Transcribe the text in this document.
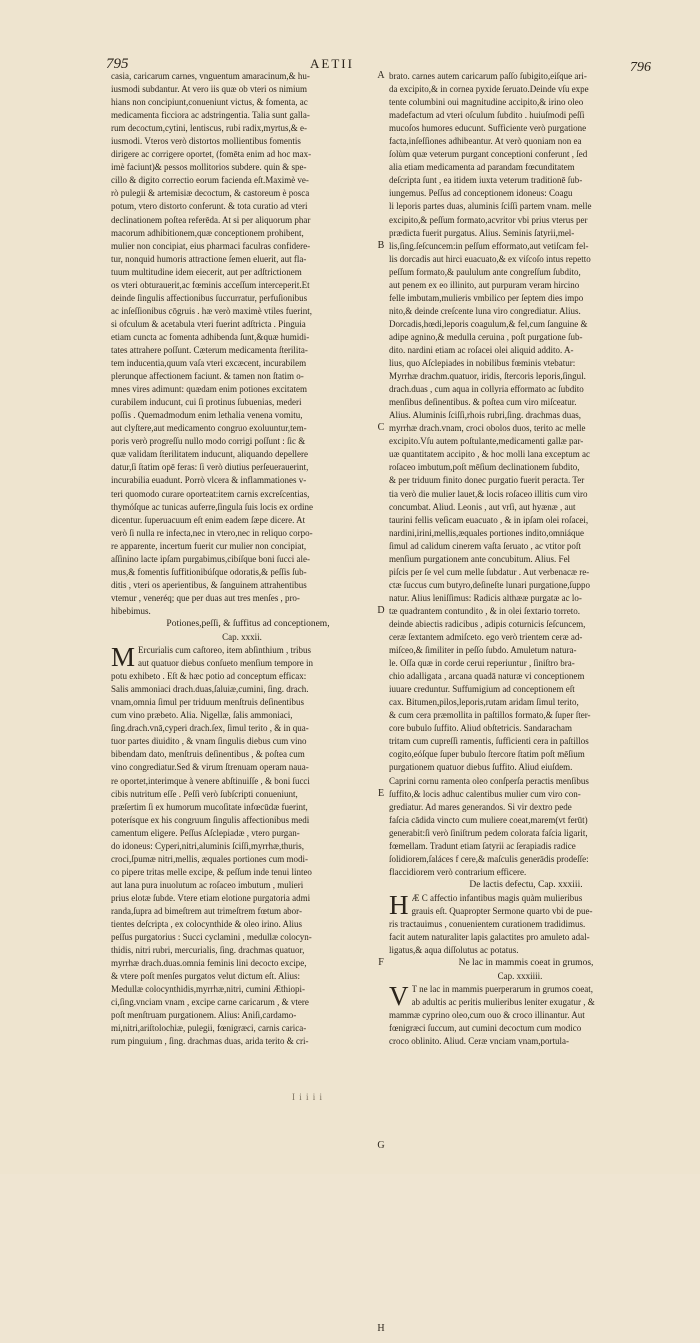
795	AETII	796
casia, caricarum carnes, vnguentum amaracinum,& hu-
iusmodi subdantur. At vero iis quæ ob vteri os nimium
hians non concipiunt,conueniunt victus, & fomenta, ac
medicamenta ficciora ac adstringentia. Talia sunt galla-
rum decoctum,cytini, lentiscus, rubi radix,myrtus,& e-
iusmodi. Vteros verò distortos mollientibus fomentis
dirigere ac corrigere oportet, (fomēta enim ad hoc max-
imè faciunt)& pessos mollitorios subdere. quin & spe-
cillo & digito correctio eorum facienda eſt.Maximè ve-
rò pulegii & artemisiæ decoctum, & castoreum è posca
potum, vtero distorto conferunt. & tota curatio ad vteri
declinationem poſtea referēda. At si per aliquorum phar
macorum adhibitionem,quæ conceptionem prohibent,
mulier non concipiat, eius pharmaci faculras confidere-
tur, nonquid humoris attractione ſemen eluerit, aut fla-
tuum multitudine idem eiecerit, aut per adſtrictionem
os vteri obturauerit,ac fœminis acceſſum interceperit.Et
deinde ſingulis affectionibus ſuccurratur, perfuſionibus
ac inſeſſionibus cōgruis . hæ verò maximè vtiles fuerint,
si ofculum & acetabula vteri fuerint adſtricta . Pinguia
etiam cuncta ac fomenta adhibenda ſunt,&quæ humidi-
tates attrahere poſſunt. Cæterum medicamenta ſterilita-
tem inducentia,quum vaſa vteri excæcent, incurabilem
plerunque affectionem faciunt. & tamen non ſtatim o-
mnes vires adimunt: quædam enim potiones excitatem
curabilem inducunt, cui ſi protinus ſubuenias, mederi
poſſis . Quemadmodum enim lethalia venena vomitu,
aut clyſtere,aut medicamento congruo exoluuntur,tem-
poris verò progreſſu nullo modo corrigi poſſunt : ſic &
quæ validam ſterilitatem inducunt, aliquando depellere
datur,ſi ſtatim opē feras: ſi verò diutius perſeuerauerint,
incurabilia euadunt. Porrò vlcera & inflammationes v-
teri quomodo curare oporteat:item carnis excreſcentias,
thymóſque ac tunicas auferre,ſingula ſuis locis ex ordine
dicentur. ſuperuacuum eſt enim eadem ſæpe dicere. At
verò ſi nulla re infecta,nec in vtero,nec in reliquo corpo-
re apparente, incertum fuerit cur mulier non concipiat,
aſſinino lacte ipſam purgabimus,cibíſque boni ſucci ale-
mus,& fomentis ſuffitionibúſque odoratis,& peſſis ſub-
ditis , vteri os aperientibus, & ſanguinem attrahentibus
vtemur , veneréq; que per duas aut tres menſes , pro-
hibebimus.
Potiones,peſſi, & ſuffitus ad conceptionem,
Cap. xxxii.
M Ercurialis cum caſtoreo, item abſinthium , tribus
aut quatuor diebus conſueto menſium tempore in
potu exhibeto . Eſt & hæc potio ad conceptum efficax:
Salis ammoniaci drach.duas,ſaluiæ,cumini, ſing. drach.
vnam,omnia ſimul per triduum menſtruis deſinentibus
cum vino præbeto. Alia. Nigellæ, ſalis ammoniaci,
ſing.drach.vnā,cyperi drach.ſex, ſimul terito , & in qua-
tuor partes diuidito , & vnam ſingulis diebus cum vino
bibendam dato, menſtruis deſinentibus , & poſtea cum
vino congrediatur.Sed & virum ſtrenuam operam naua-
re oportet,interimque à venere abſtinuiſſe , & boni ſucci
cibis nutritum eſſe . Peſſi verò ſubſcripti conueniunt,
præſertim ſi ex humorum mucoſitate infœcūdæ fuerint,
poterísque ex his congruum ſingulis affectionibus medi
camentum eligere. Peſſus Aſclepiadæ , vtero purgan-
do idoneus: Cyperi,nitri,aluminis ſciſſi,myrrhæ,thuris,
croci,ſpumæ nitri,mellis, æquales portiones cum modi-
co pipere tritas melle excipe, & peſſum inde tenui linteo
aut lana pura inuolutum ac roſaceo imbutum , mulieri
prius elotæ ſubde. Vtere etiam elotione purgatoria admi
randa,ſupra ad bimeſtrem aut trimeſtrem fœtum abor-
tientes deſcripta , ex colocynthide & oleo irino. Alius
peſſus purgatorius : Succi cyclamini , medullæ colocyn-
thidis, nitri rubri, mercurialis, ſing. drachmas quatuor,
myrrhæ drach.duas.omnia feminis lini decocto excipe,
& vtere poſt menſes purgatos velut dictum eſt. Alius:
Medullæ colocynthidis,myrrhæ,nitri, cumini Æthiopi-
ci,ſing.vnciam vnam , excipe carne caricarum , & vtere
poſt menſtruam purgationem. Alius: Aniſi,cardamo-
mi,nitri,ariſtolochiæ, pulegii, fœnigræci, carnis carica-
rum pinguium , ſing. drachmas duas, arida terito & cri-
A
B
C
D
E
F
G
H
brato. carnes autem caricarum paſſo ſubigito,eiſque ari-
da excipito,& in cornea pyxide ſeruato.Deinde vſu expe
tente columbini oui magnitudine accipito,& irino oleo
madefactum ad vteri oſculum ſubdito . huiuſmodi peſſi
mucoſos humores educunt. Sufficiente verò purgatione
facta,inſeſſiones adhibeantur. At verò quoniam non ea
ſolùm quæ veterum purgant conceptioni conferunt , ſed
alia etiam medicamenta ad parandam fœcunditatem
deſcripta ſunt , ea itidem iuxta veterum traditionē ſub-
iungemus. Peſſus ad conceptionem idoneus: Coagu
li leporis partes duas, aluminis ſciſſi partem vnam. melle
excipito,& peſſum formato,acvritor vbi prius vterus per
prædicta fuerit purgatus. Alius. Seminis ſatyrii,mel-
lis,ſing.ſeſcuncem:in peſſum efformato,aut vetiſcam fel-
lis dorcadis aut hirci euacuato,& ex viſcoſo intus repetto
peſſum formato,& paululum ante congreſſum ſubdito,
aut penem ex eo illinito, aut purpuram veram hircino
felle imbutam,mulieris vmbilico per ſeptem dies impo
nito,& deinde creſcente luna viro congrediatur. Alius.
Dorcadis,hœdi,leporis coagulum,& fel,cum ſanguine &
adipe agnino,& medulla ceruina , poſt purgatione ſub-
dito. nardini etiam ac roſacei olei aliquid addito. A-
lius, quo Aſclepiades in nobilibus fœminis vtebatur:
Myrrhæ drachm.quatuor, iridis, ſtercoris leporis,ſingul.
drach.duas , cum aqua in collyria efformato ac ſubdito
menſibus deſinentibus. & poſtea cum viro miſceatur.
Alius. Aluminis ſciſſi,rhois rubri,ſing. drachmas duas,
myrrhæ drach.vnam, croci obolos duos, terito ac melle
excipito.Vſu autem poſtulante,medicamenti gallæ par-
uæ quantitatem accipito , & hoc molli lana exceptum ac
roſaceo imbutum,poſt mēſium declinationem ſubdito,
& per triduum finito donec purgatio fuerit peracta. Ter
tia verò die mulier lauet,& locis roſaceo illitis cum viro
concumbat. Aliud. Leonis , aut vrſi, aut hyænæ , aut
taurini fellis veſicam euacuato , & in ipſam olei roſacei,
nardini,irini,mellis,æquales portiones indito,omniáque
ſimul ad calidum cinerem vaſta ſeruato , ac vtitor poſt
menſium purgationem ante concubitum. Alius. Fel
piſcis per ſe vel cum melle ſubdatur . Aut verbenacæ re-
ctæ ſuccus cum butyro,deſineſte lunari purgatione,ſuppo
natur. Alius leniſſimus: Radicis althææ purgatæ ac lo-
tæ quadrantem contundito , & in olei ſextario torreto.
deinde abiectis radicibus , adipis coturnicis ſeſcuncem,
ceræ ſextantem admiſceto. ego verò trientem ceræ ad-
miſceo,& ſimiliter in peſſo ſubdo. Amuletum natura-
le. Oſſa quæ in corde cerui reperiuntur , ſiniſtro bra-
chio adalligata , arcana quadā naturæ vi conceptionem
iuuare creduntur. Suffumigium ad conceptionem eſt
cax. Bitumen,pilos,leporis,rutam aridam ſimul terito,
& cum cera præmollita in paſtillos formato,& ſuper ſter-
core bubulo ſuffito. Aliud obſtetricis. Sandaracham
tritam cum cupreſſi ramentis, ſufficienti cera in paſtillos
cogito,eóſque ſuper bubulo ſtercore ſtatim poſt mēſium
purgationem quatuor diebus ſuffito. Aliud eiuſdem.
Caprini cornu ramenta oleo conſperſa peractis menſibus
ſuffito,& locis adhuc calentibus mulier cum viro con-
grediatur. Ad mares generandos. Si vir dextro pede
faſcia cādida vincto cum muliere coeat,marem(vt ferūt)
generabit:ſi verò ſiniſtrum pedem colorata faſcia ligarit,
fœmellam. Tradunt etiam ſatyrii ac ſerapiadis radice
ſolidiorem,ſaláces f cere,& maſculis generādis prodeſſe:
flaccidiorem verò contrarium efficere.
De lactis defectu, Cap. xxxiii.
H Æ C affectio infantibus magis quàm mulieribus
grauis eſt. Quapropter Sermone quarto vbi de pue-
ris tractauimus , conuenientem curationem tradidimus.
facit autem naturaliter lapis galactites pro amuleto adal-
ligatus,& aqua diſſolutus ac potatus.
Ne lac in mammis coeat in grumos,
Cap. xxxiiii.
V T ne lac in mammis puerperarum in grumos coeat,
ab adultis ac peritis mulieribus leniter exugatur , &
mammæ cyprino oleo,cum ouo & croco illinantur. Aut
fœnigræci ſuccum, aut cumini decoctum cum modico
croco oblinito. Aliud. Ceræ vnciam vnam,portula-
I i i i i
